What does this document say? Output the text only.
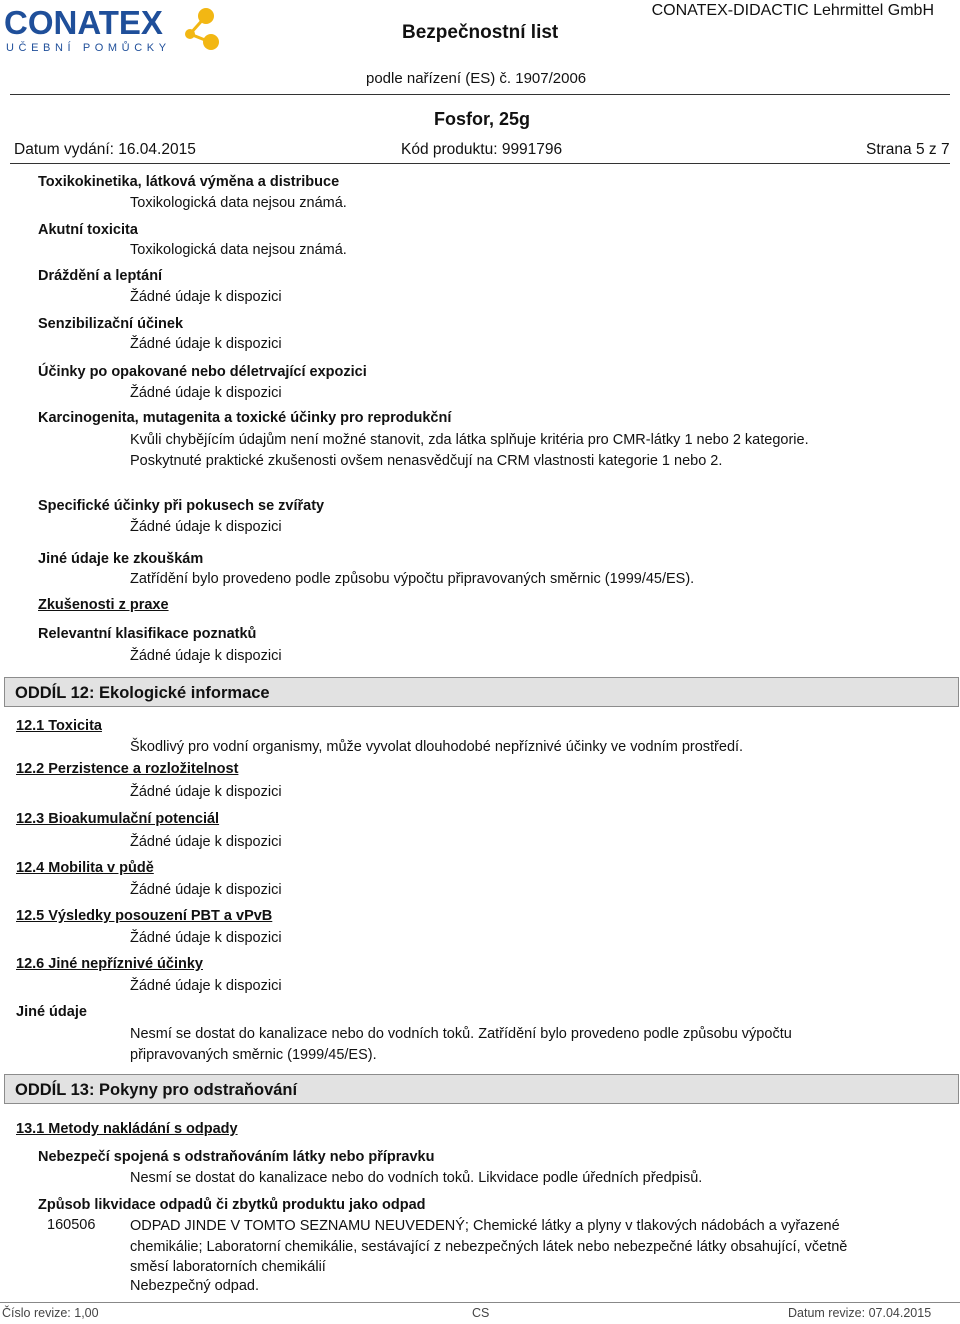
CONATEX
UČEBNÍ POMŮCKY
Bezpečnostní list
CONATEX-DIDACTIC Lehrmittel GmbH
podle nařízení (ES) č. 1907/2006
Fosfor, 25g
Datum vydání: 16.04.2015	Kód produktu: 9991796	Strana 5 z 7
Toxikokinetika, látková výměna a distribuce
Toxikologická data nejsou známá.
Akutní toxicita
Toxikologická data nejsou známá.
Dráždění a leptání
Žádné údaje k dispozici
Senzibilizační účinek
Žádné údaje k dispozici
Účinky po opakované nebo déletrvající expozici
Žádné údaje k dispozici
Karcinogenita, mutagenita a toxické účinky pro reprodukční
Kvůli chybějícím údajům není možné stanovit, zda látka splňuje kritéria pro CMR-látky 1 nebo 2 kategorie. Poskytnuté praktické zkušenosti ovšem nenasvědčují na CRM vlastnosti kategorie 1 nebo 2.
Specifické účinky při pokusech se zvířaty
Žádné údaje k dispozici
Jiné údaje ke zkouškám
Zatřídění bylo provedeno podle způsobu výpočtu připravovaných směrnic (1999/45/ES).
Zkušenosti z praxe
Relevantní klasifikace poznatků
Žádné údaje k dispozici
ODDÍL 12: Ekologické informace
12.1 Toxicita
Škodlivý pro vodní organismy, může vyvolat dlouhodobé nepříznivé účinky ve vodním prostředí.
12.2 Perzistence a rozložitelnost
Žádné údaje k dispozici
12.3 Bioakumulační potenciál
Žádné údaje k dispozici
12.4 Mobilita v půdě
Žádné údaje k dispozici
12.5 Výsledky posouzení PBT a vPvB
Žádné údaje k dispozici
12.6 Jiné nepříznivé účinky
Žádné údaje k dispozici
Jiné údaje
Nesmí se dostat do kanalizace nebo do vodních toků. Zatřídění bylo provedeno podle způsobu výpočtu připravovaných směrnic (1999/45/ES).
ODDÍL 13: Pokyny pro odstraňování
13.1 Metody nakládání s odpady
Nebezpečí spojená s odstraňováním látky nebo přípravku
Nesmí se dostat do kanalizace nebo do vodních toků. Likvidace podle úředních předpisů.
Způsob likvidace odpadů či zbytků produktu jako odpad
160506 ODPAD JINDE V TOMTO SEZNAMU NEUVEDENÝ; Chemické látky a plyny v tlakových nádobách a vyřazené chemikálie; Laboratorní chemikálie, sestávající z nebezpečných látek nebo nebezpečné látky obsahující, včetně směsí laboratorních chemikálií
Nebezpečný odpad.
Číslo revize: 1,00	CS	Datum revize: 07.04.2015
